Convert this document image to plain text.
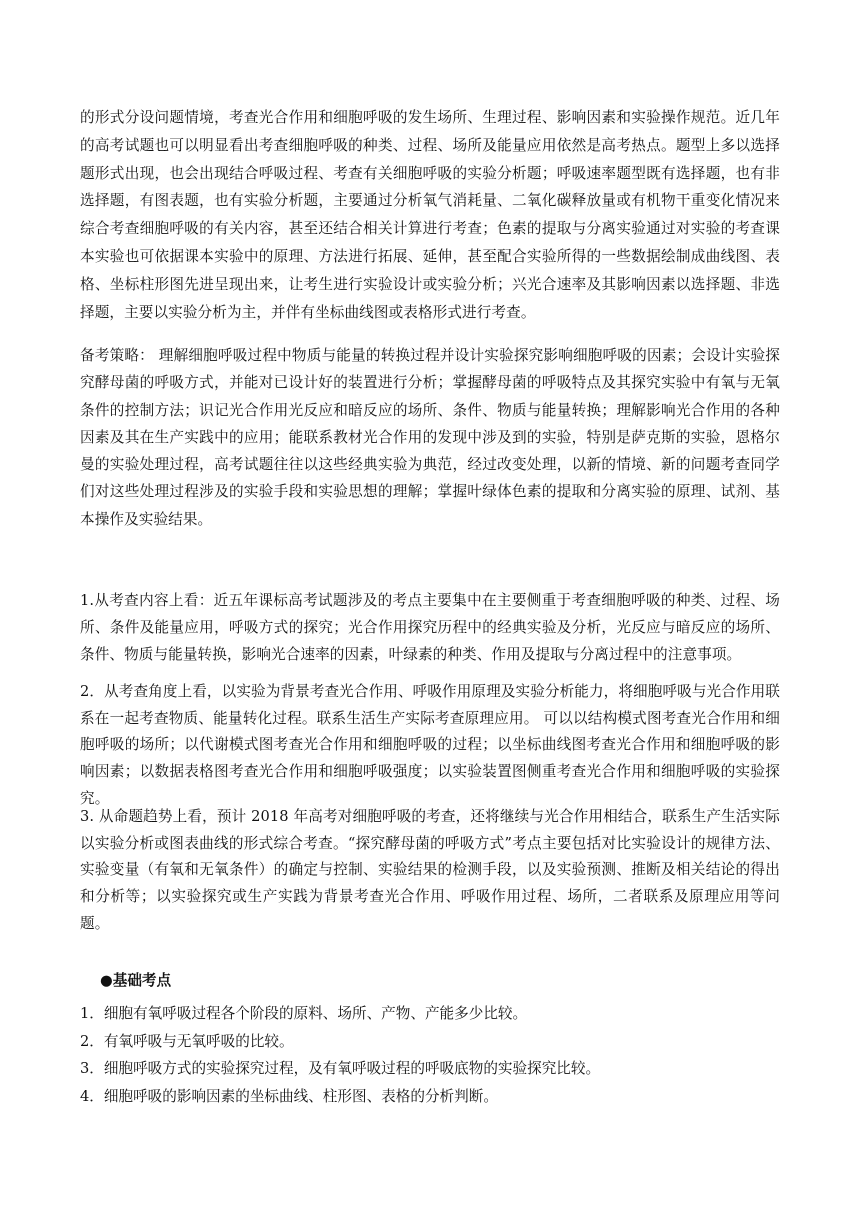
的形式分设问题情境，考查光合作用和细胞呼吸的发生场所、生理过程、影响因素和实验操作规范。近几年的高考试题也可以明显看出考查细胞呼吸的种类、过程、场所及能量应用依然是高考热点。题型上多以选择题形式出现，也会出现结合呼吸过程、考查有关细胞呼吸的实验分析题；呼吸速率题型既有选择题，也有非选择题，有图表题，也有实验分析题，主要通过分析氧气消耗量、二氧化碳释放量或有机物干重变化情况来综合考查细胞呼吸的有关内容，甚至还结合相关计算进行考查；色素的提取与分离实验通过对实验的考查课本实验也可依据课本实验中的原理、方法进行拓展、延伸，甚至配合实验所得的一些数据绘制成曲线图、表格、坐标柱形图先进呈现出来，让考生进行实验设计或实验分析；兴光合速率及其影响因素以选择题、非选择题，主要以实验分析为主，并伴有坐标曲线图或表格形式进行考查。

备考策略： 理解细胞呼吸过程中物质与能量的转换过程并设计实验探究影响细胞呼吸的因素；会设计实验探究酵母菌的呼吸方式，并能对已设计好的装置进行分析；掌握酵母菌的呼吸特点及其探究实验中有氧与无氧条件的控制方法；识记光合作用光反应和暗反应的场所、条件、物质与能量转换；理解影响光合作用的各种因素及其在生产实践中的应用；能联系教材光合作用的发现中涉及到的实验，特别是萨克斯的实验，恩格尔曼的实验处理过程，高考试题往往以这些经典实验为典范，经过改变处理，以新的情境、新的问题考查同学们对这些处理过程涉及的实验手段和实验思想的理解；掌握叶绿体色素的提取和分离实验的原理、试剂、基本操作及实验结果。

1.从考查内容上看：近五年课标高考试题涉及的考点主要集中在主要侧重于考查细胞呼吸的种类、过程、场所、条件及能量应用，呼吸方式的探究；光合作用探究历程中的经典实验及分析，光反应与暗反应的场所、条件、物质与能量转换，影响光合速率的因素，叶绿素的种类、作用及提取与分离过程中的注意事项。

2．从考查角度上看，以实验为背景考查光合作用、呼吸作用原理及实验分析能力，将细胞呼吸与光合作用联系在一起考查物质、能量转化过程。联系生活生产实际考查原理应用。 可以以结构模式图考查光合作用和细胞呼吸的场所；以代谢模式图考查光合作用和细胞呼吸的过程；以坐标曲线图考查光合作用和细胞呼吸的影响因素；以数据表格图考查光合作用和细胞呼吸强度；以实验装置图侧重考查光合作用和细胞呼吸的实验探究。

3. 从命题趋势上看，预计 2018 年高考对细胞呼吸的考查，还将继续与光合作用相结合，联系生产生活实际以实验分析或图表曲线的形式综合考查。“探究酵母菌的呼吸方式”考点主要包括对比实验设计的规律方法、实验变量（有氧和无氧条件）的确定与控制、实验结果的检测手段，以及实验预测、推断及相关结论的得出和分析等；以实验探究或生产实践为背景考查光合作用、呼吸作用过程、场所，二者联系及原理应用等问题。

●基础考点

1．细胞有氧呼吸过程各个阶段的原料、场所、产物、产能多少比较。
2．有氧呼吸与无氧呼吸的比较。
3．细胞呼吸方式的实验探究过程，及有氧呼吸过程的呼吸底物的实验探究比较。
4．细胞呼吸的影响因素的坐标曲线、柱形图、表格的分析判断。
